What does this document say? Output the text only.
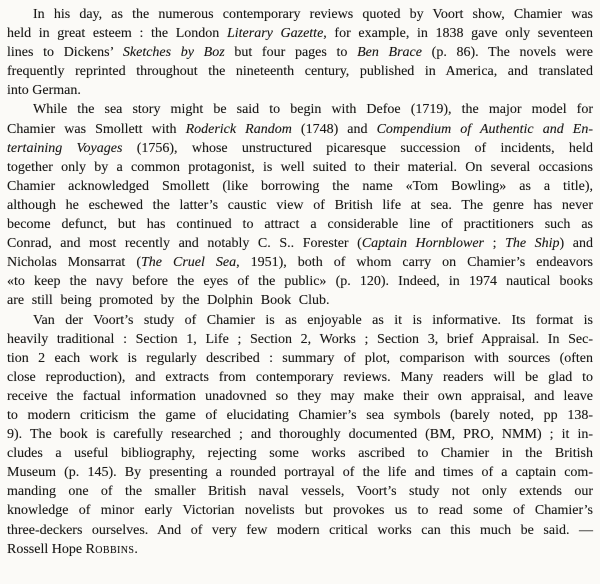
In his day, as the numerous contemporary reviews quoted by Voort show, Chamier was
held in great esteem : the London Literary Gazette, for example, in 1838 gave only seventeen
lines to Dickens’ Sketches by Boz but four pages to Ben Brace (p. 86). The novels were
frequently reprinted throughout the nineteenth century, published in America, and translated
into German.
While the sea story might be said to begin with Defoe (1719), the major model for
Chamier was Smollett with Roderick Random (1748) and Compendium of Authentic and En-
tertaining Voyages (1756), whose unstructured picaresque succession of incidents, held
together only by a common protagonist, is well suited to their material. On several occasions
Chamier acknowledged Smollett (like borrowing the name «Tom Bowling» as a title),
although he eschewed the latter’s caustic view of British life at sea. The genre has never
become defunct, but has continued to attract a considerable line of practitioners such as
Conrad, and most recently and notably C. S.. Forester (Captain Hornblower ; The Ship) and
Nicholas Monsarrat (The Cruel Sea, 1951), both of whom carry on Chamier’s endeavors
«to keep the navy before the eyes of the public» (p. 120). Indeed, in 1974 nautical books
are still being promoted by the Dolphin Book Club.
Van der Voort’s study of Chamier is as enjoyable as it is informative. Its format is
heavily traditional : Section 1, Life ; Section 2, Works ; Section 3, brief Appraisal. In Sec-
tion 2 each work is regularly described : summary of plot, comparison with sources (often
close reproduction), and extracts from contemporary reviews. Many readers will be glad to
receive the factual information unadovned so they may make their own appraisal, and leave
to modern criticism the game of elucidating Chamier’s sea symbols (barely noted, pp 138-
9). The book is carefully researched ; and thoroughly documented (BM, PRO, NMM) ; it in-
cludes a useful bibliography, rejecting some works ascribed to Chamier in the British
Museum (p. 145). By presenting a rounded portrayal of the life and times of a captain com-
manding one of the smaller British naval vessels, Voort’s study not only extends our
knowledge of minor early Victorian novelists but provokes us to read some of Chamier’s
three-deckers ourselves. And of very few modern critical works can this much be said. —
Rossell Hope Robbins.
